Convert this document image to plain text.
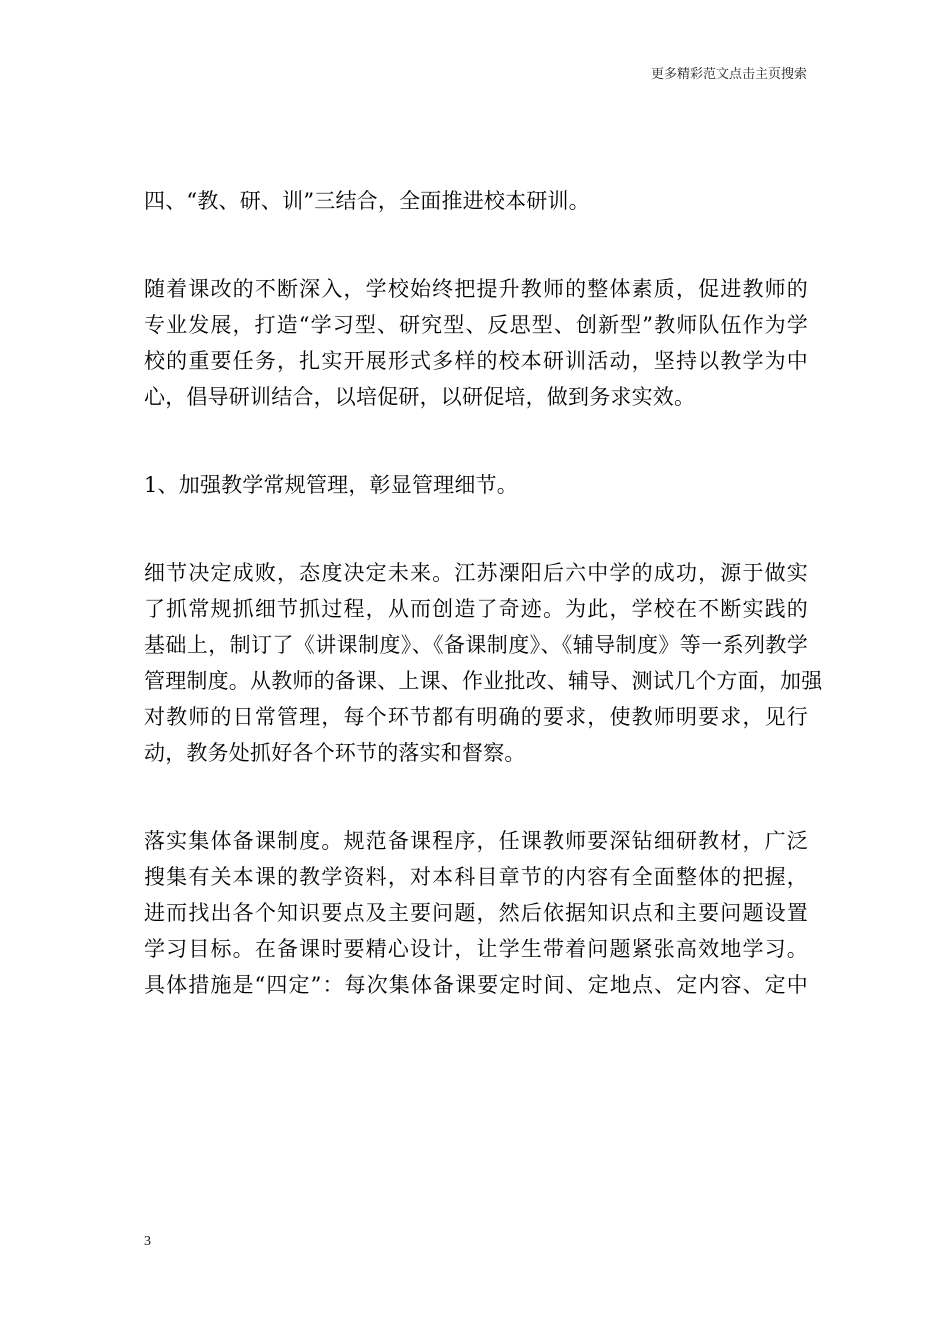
更多精彩范文点击主页搜索

四、“教、研、训”三结合，全面推进校本研训。

随着课改的不断深入，学校始终把提升教师的整体素质，促进教师的
专业发展，打造“学习型、研究型、反思型、创新型”教师队伍作为学
校的重要任务，扎实开展形式多样的校本研训活动，坚持以教学为中
心，倡导研训结合，以培促研，以研促培，做到务求实效。

1、加强教学常规管理，彰显管理细节。

细节决定成败，态度决定未来。江苏溧阳后六中学的成功，源于做实
了抓常规抓细节抓过程，从而创造了奇迹。为此，学校在不断实践的
基础上，制订了《讲课制度》、《备课制度》、《辅导制度》等一系列教学
管理制度。从教师的备课、上课、作业批改、辅导、测试几个方面，加强
对教师的日常管理，每个环节都有明确的要求，使教师明要求，见行
动，教务处抓好各个环节的落实和督察。

落实集体备课制度。规范备课程序，任课教师要深钻细研教材，广泛
搜集有关本课的教学资料，对本科目章节的内容有全面整体的把握，
进而找出各个知识要点及主要问题，然后依据知识点和主要问题设置
学习目标。在备课时要精心设计，让学生带着问题紧张高效地学习。
具体措施是“四定”：每次集体备课要定时间、定地点、定内容、定中

3
